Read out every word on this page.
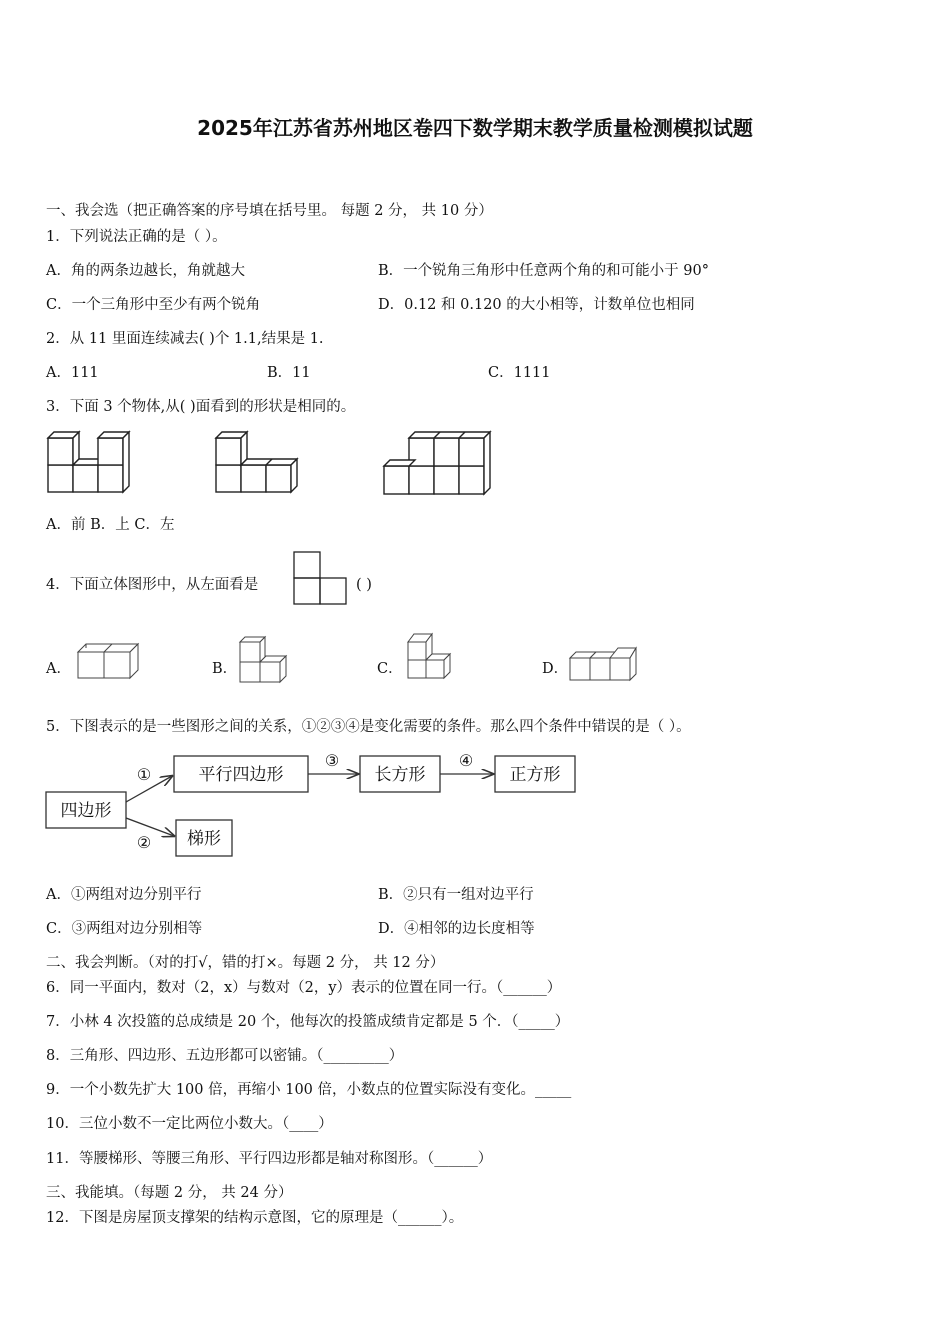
2025年江苏省苏州地区卷四下数学期末教学质量检测模拟试题
一、我会选（把正确答案的序号填在括号里。 每题 2 分， 共 10 分）
1．下列说法正确的是（ ）。
A．角的两条边越长，角就越大	B．一个锐角三角形中任意两个角的和可能小于 90°
C．一个三角形中至少有两个锐角	D．0.12 和 0.120 的大小相等，计数单位也相同
2．从 11 里面连续减去( )个 1.1,结果是 1.
A．111	B．11	C．1111
3．下面 3 个物体,从( )面看到的形状是相同的。
A．前 B．上 C．左
4．下面立体图形中，从左面看是	( )
A．	B．	C．	D．
5．下图表示的是一些图形之间的关系，①②③④是变化需要的条件。那么四个条件中错误的是（ ）。
四边形
平行四边形	长方形	正方形
梯形
①
②
③	④
A．①两组对边分别平行	B．②只有一组对边平行
C．③两组对边分别相等	D．④相邻的边长度相等
二、我会判断。（对的打√，错的打×。每题 2 分， 共 12 分）
6．同一平面内，数对（2，x）与数对（2，y）表示的位置在同一行。（______）
7．小林 4 次投篮的总成绩是 20 个，他每次的投篮成绩肯定都是 5 个．（_____）
8．三角形、四边形、五边形都可以密铺。（_________）
9．一个小数先扩大 100 倍，再缩小 100 倍，小数点的位置实际没有变化。_____
10．三位小数不一定比两位小数大。（____）
11．等腰梯形、等腰三角形、平行四边形都是轴对称图形。（______）
三、我能填。（每题 2 分， 共 24 分）
12．下图是房屋顶支撑架的结构示意图，它的原理是（______）。
